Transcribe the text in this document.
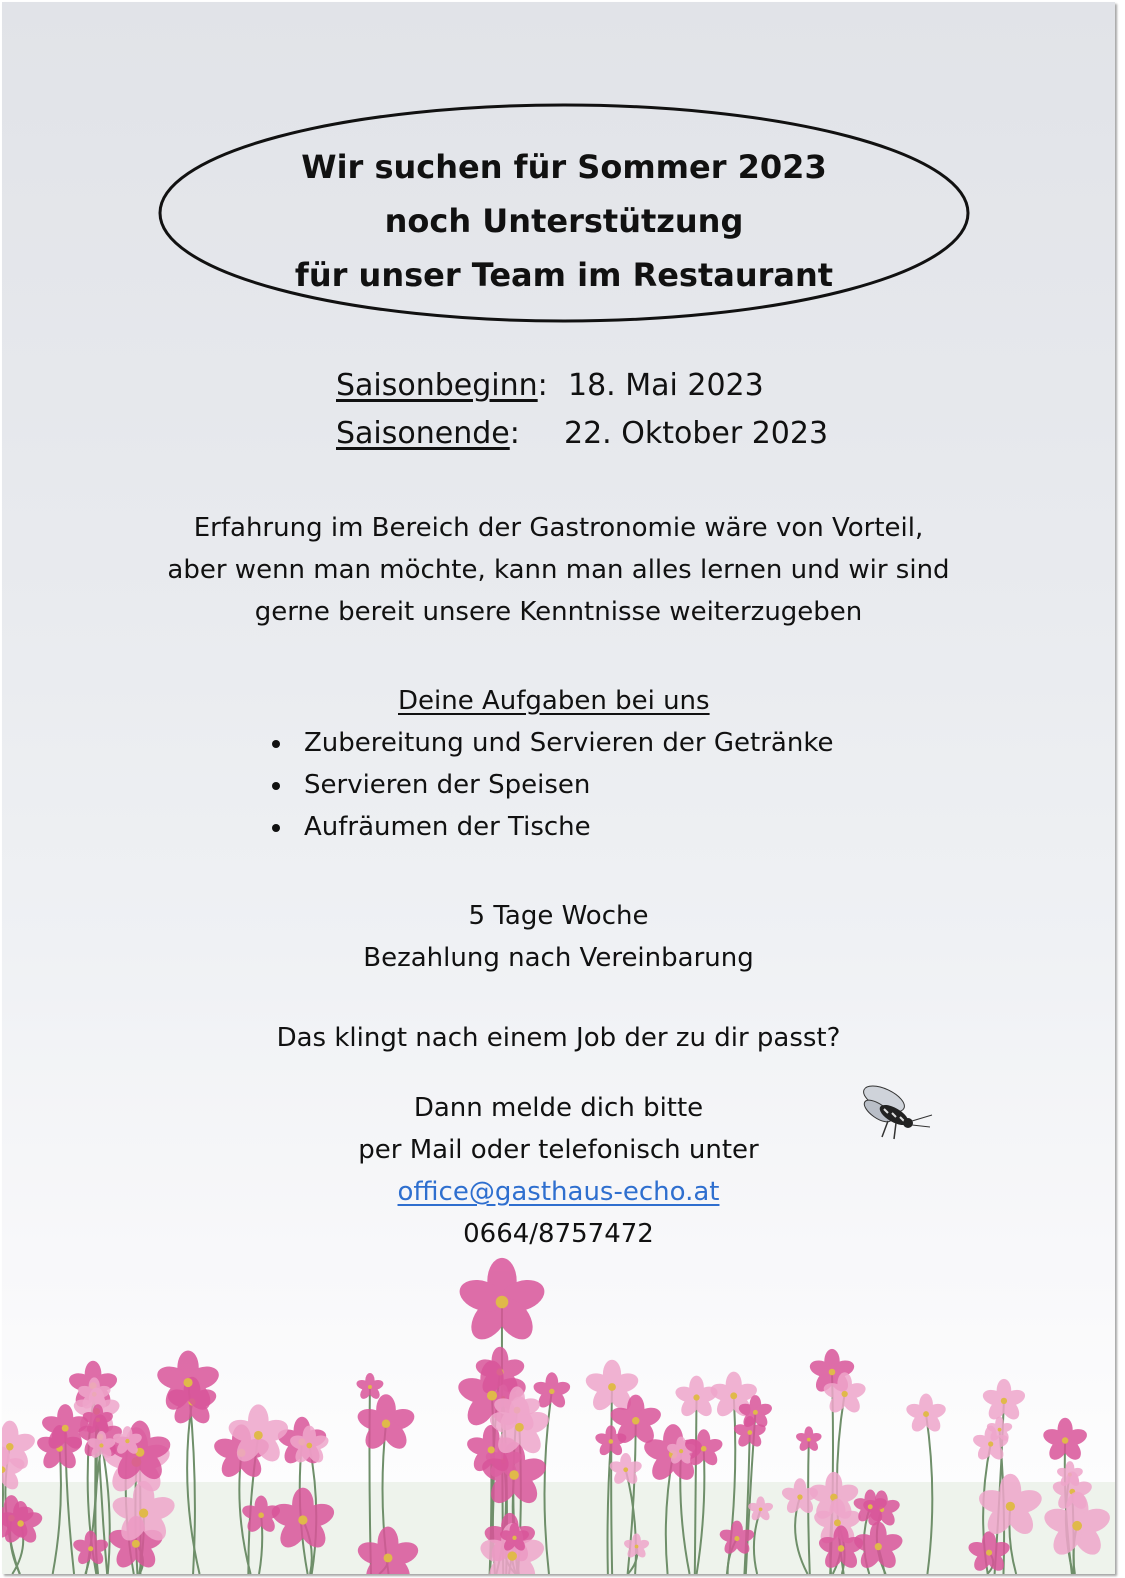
Wir suchen für Sommer 2023
noch Unterstützung
für unser Team im Restaurant
Saisonbeginn: 18. Mai 2023
Saisonende: 22. Oktober 2023
Erfahrung im Bereich der Gastronomie wäre von Vorteil,
aber wenn man möchte, kann man alles lernen und wir sind
gerne bereit unsere Kenntnisse weiterzugeben
Deine Aufgaben bei uns
Zubereitung und Servieren der Getränke
Servieren der Speisen
Aufräumen der Tische
5 Tage Woche
Bezahlung nach Vereinbarung
Das klingt nach einem Job der zu dir passt?
Dann melde dich bitte
per Mail oder telefonisch unter
office@gasthaus-echo.at
0664/8757472
